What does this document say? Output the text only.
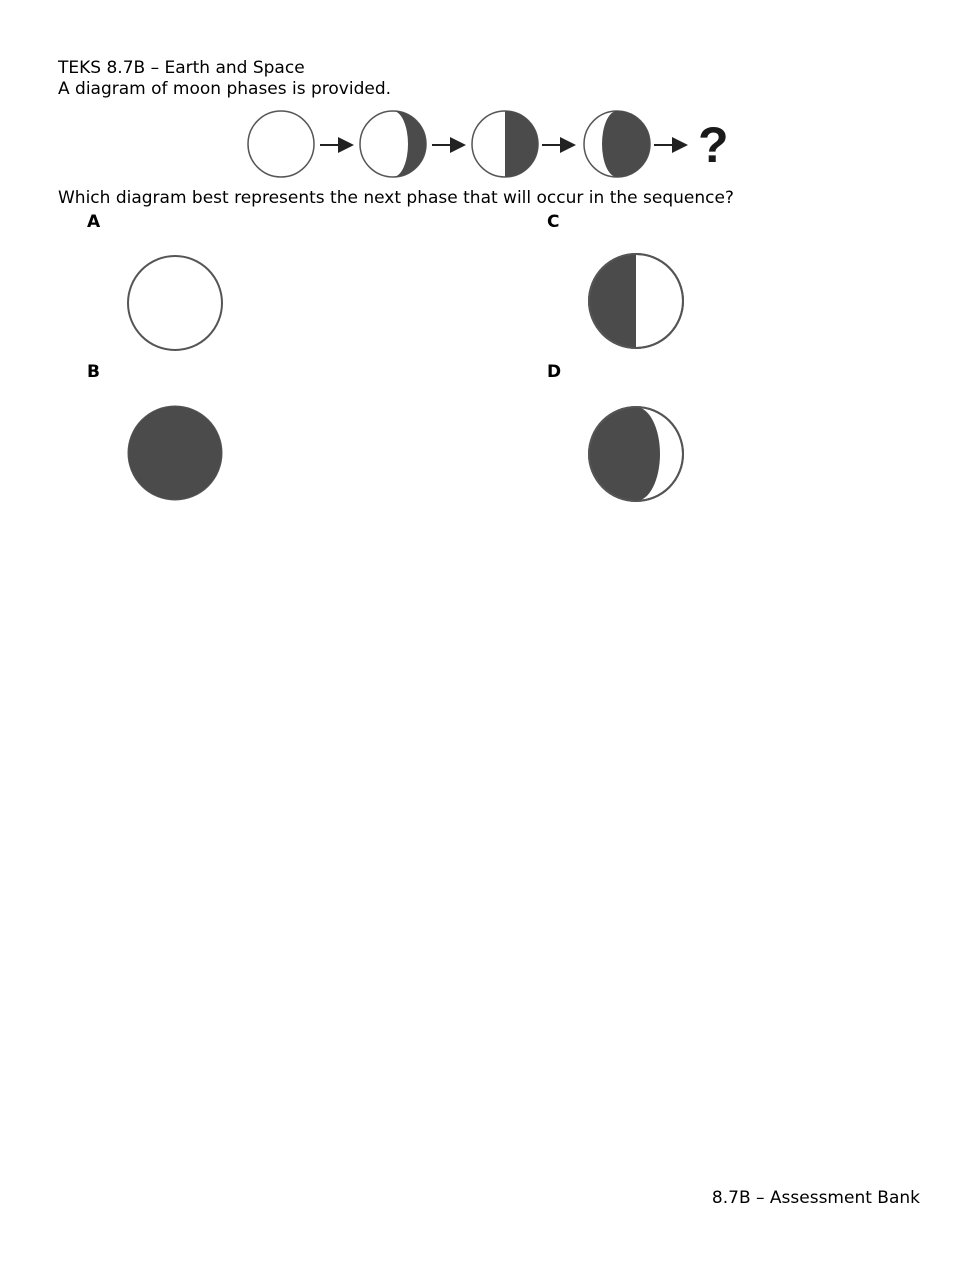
TEKS 8.7B – Earth and Space
A diagram of moon phases is provided.
?
Which diagram best represents the next phase that will occur in the sequence?
A
B
C
D
8.7B – Assessment Bank
